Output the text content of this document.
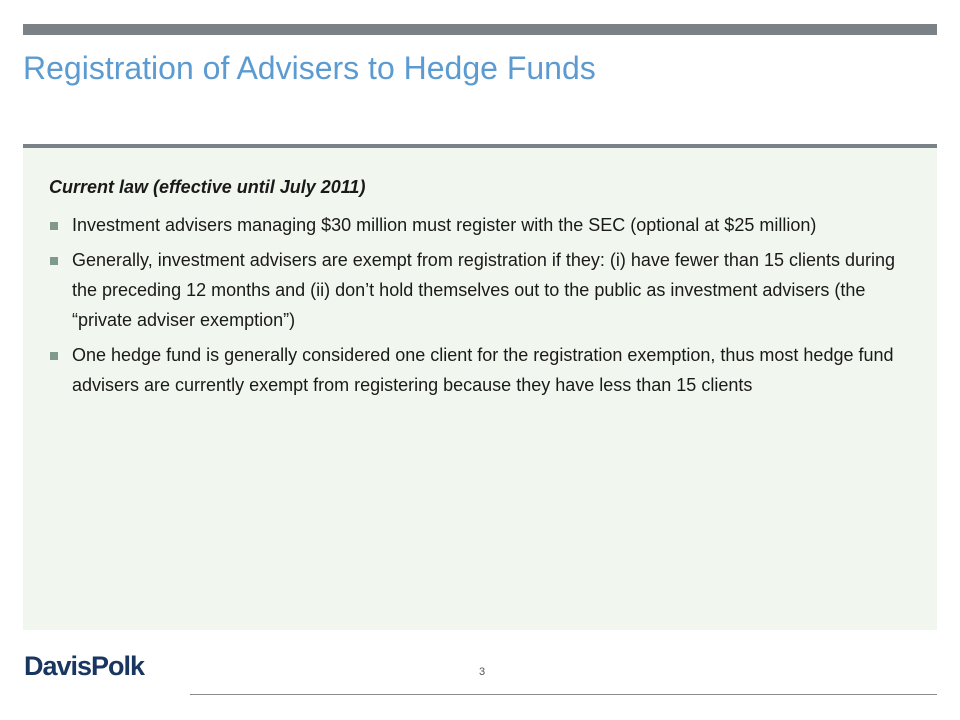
Registration of Advisers to Hedge Funds
Current law (effective until July 2011)
Investment advisers managing $30 million must register with the SEC (optional at $25 million)
Generally, investment advisers are exempt from registration if they: (i) have fewer than 15 clients during the preceding 12 months and (ii) don’t hold themselves out to the public as investment advisers (the “private adviser exemption”)
One hedge fund is generally considered one client for the registration exemption, thus most hedge fund advisers are currently exempt from registering because they have less than 15 clients
DavisPolk	3
